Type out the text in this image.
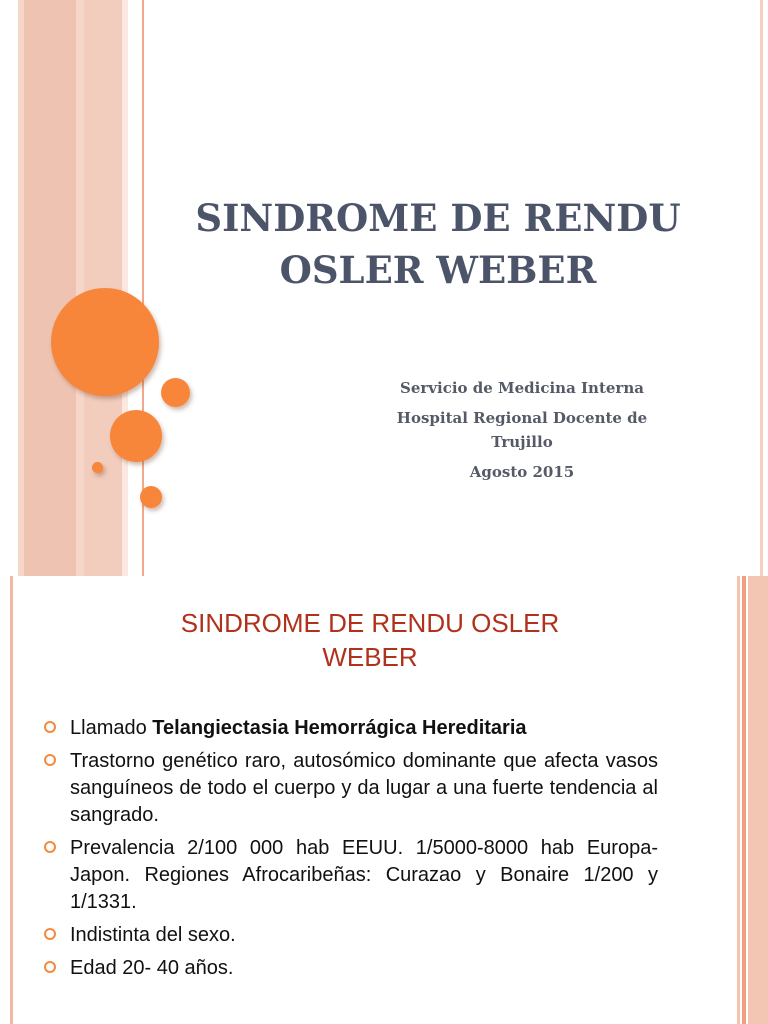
SINDROME DE RENDU
OSLER WEBER
Servicio de Medicina Interna
Hospital Regional Docente de
Trujillo
Agosto 2015
SINDROME DE RENDU OSLER
WEBER
Llamado Telangiectasia Hemorrágica Hereditaria
Trastorno genético raro, autosómico dominante que afecta vasos sanguíneos de todo el cuerpo y da lugar a una fuerte tendencia al sangrado.
Prevalencia 2/100 000 hab EEUU. 1/5000-8000 hab Europa-Japon. Regiones Afrocaribeñas: Curazao y Bonaire 1/200 y 1/1331.
Indistinta del sexo.
Edad 20- 40 años.
